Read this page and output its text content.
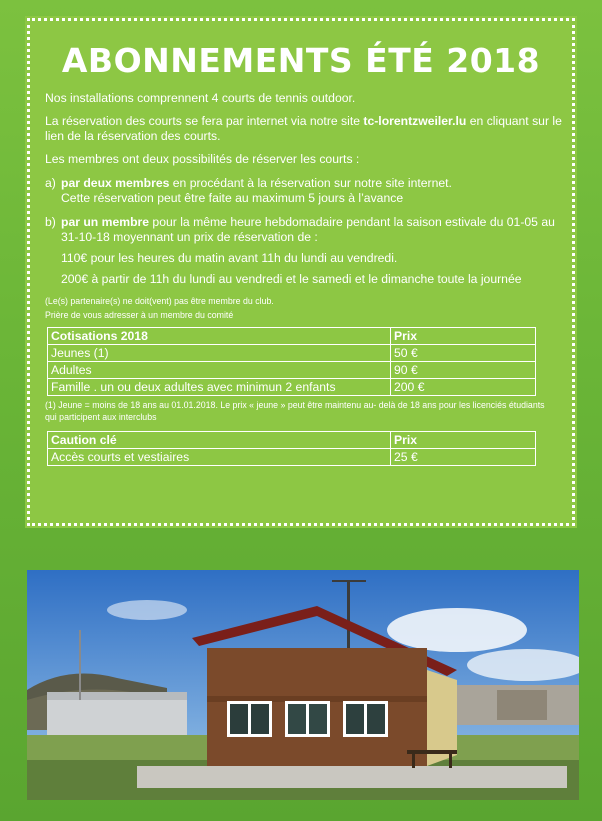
ABONNEMENTS ÉTÉ 2018

Nos installations comprennent 4 courts de tennis outdoor.

La réservation des courts se fera par internet via notre site tc-lorentzweiler.lu en cliquant sur le lien de la réservation des courts.

Les membres ont deux possibilités de réserver les courts :

a) par deux membres en procédant à la réservation sur notre site internet.
Cette réservation peut être faite au maximum 5 jours à l’avance
b) par un membre pour la même heure hebdomadaire pendant la saison estivale du 01-05 au 31-10-18 moyennant un prix de réservation de :

110€ pour les heures du matin avant 11h du lundi au vendredi.

200€ à partir de 11h du lundi au vendredi et le samedi et le dimanche toute la journée

(Le(s) partenaire(s) ne doit(vent) pas être membre du club.

Prière de vous adresser à un membre du comité

Cotisations 2018	Prix
Jeunes (1)	50 €
Adultes	90 €
Famille . un ou deux adultes avec minimun 2 enfants	200 €

(1) Jeune = moins de 18 ans au 01.01.2018. Le prix « jeune » peut être maintenu au- delà de 18 ans pour les licenciés étudiants qui participent aux interclubs

Caution clé	Prix
Accès courts et vestiaires	25 €
